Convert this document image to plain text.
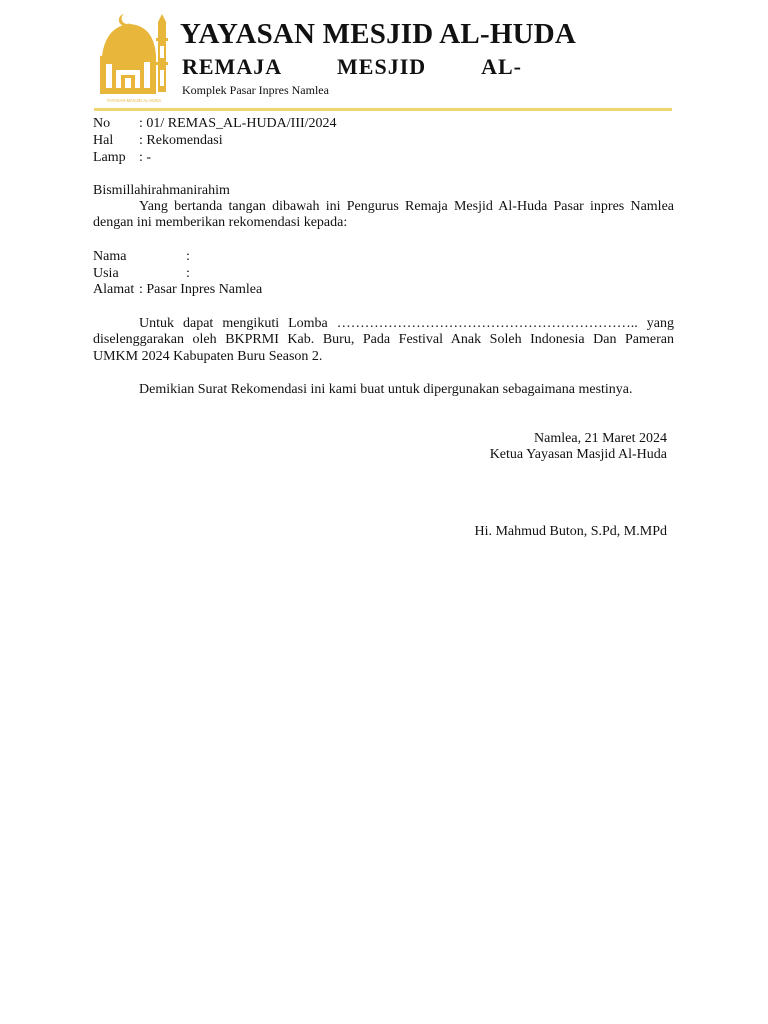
YAYASAN MASJID AL-HUDA
YAYASAN MESJID AL-HUDA
REMAJA MESJID AL-
Komplek Pasar Inpres Namlea
No : 01/ REMAS_AL-HUDA/III/2024
Hal : Rekomendasi
Lamp : -
Bismillahirahmanirahim
Yang bertanda tangan dibawah ini Pengurus Remaja Mesjid Al-Huda Pasar inpres Namlea
dengan ini memberikan rekomendasi kepada:
Nama	:
Usia	:
Alamat : Pasar Inpres Namlea
Untuk dapat mengikuti Lomba ……………………………………………………….. yang
diselenggarakan oleh BKPRMI Kab. Buru, Pada Festival Anak Soleh Indonesia Dan Pameran
UMKM 2024 Kabupaten Buru Season 2.
Demikian Surat Rekomendasi ini kami buat untuk dipergunakan sebagaimana mestinya.
Namlea, 21 Maret 2024
Ketua Yayasan Masjid Al-Huda
Hi. Mahmud Buton, S.Pd, M.MPd
